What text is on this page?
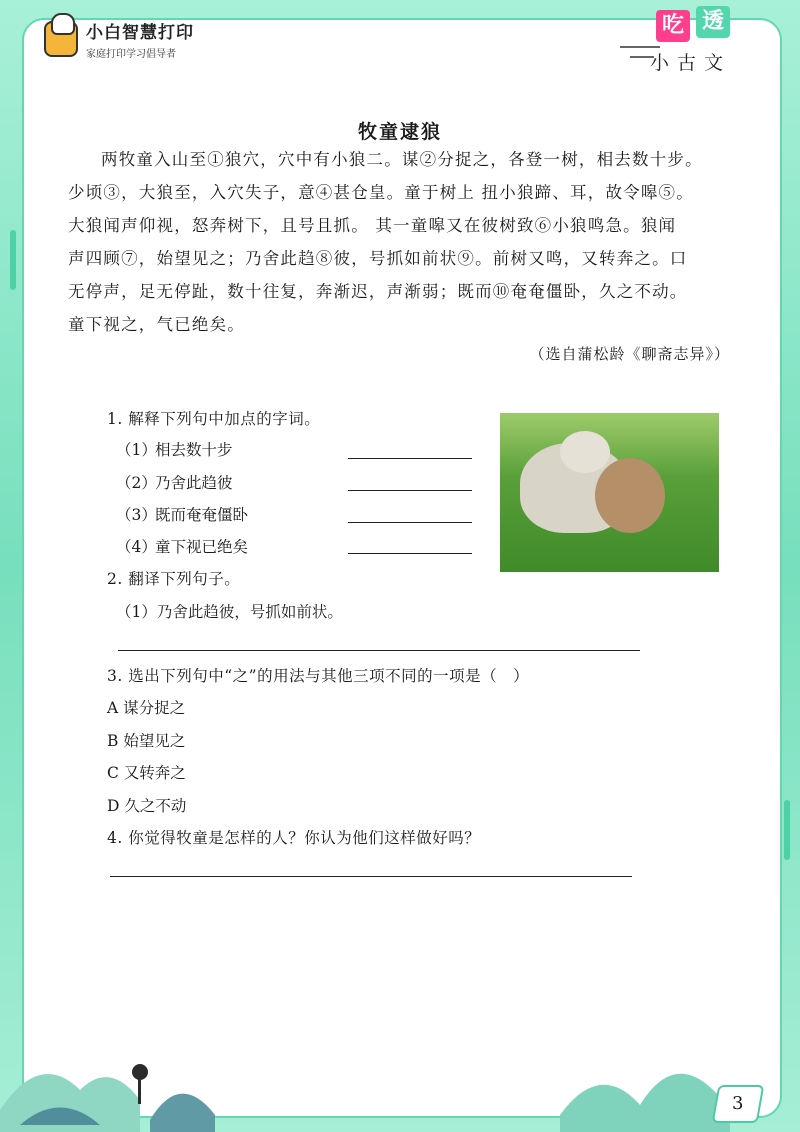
小白智慧打印
家庭打印学习倡导者
吃 透
小古文
牧童逮狼

两牧童入山至①狼穴，穴中有小狼二。谋②分捉之，各登一树，相去数十步。

少顷③，大狼至，入穴失子，意④甚仓皇。童于树上 扭小狼蹄、耳，故令嗥⑤。

大狼闻声仰视，怒奔树下，且号且抓。 其一童嗥又在彼树致⑥小狼鸣急。狼闻

声四顾⑦，始望见之；乃舍此趋⑧彼，号抓如前状⑨。前树又鸣，又转奔之。口

无停声，足无停趾，数十往复，奔渐迟，声渐弱；既而⑩奄奄僵卧，久之不动。

童下视之，气已绝矣。

（选自蒲松龄《聊斋志异》）
1. 解释下列句中加点的字词。
（1）
相去数十步
（2）
乃舍此趋彼
（3）
既而奄奄僵卧
（4）
童下视已绝矣
2. 翻译下列句子。
（1）乃舍此趋彼，号抓如前状。
3. 选出下列句中“之”的用法与其他三项不同的一项是（　）
A 谋分捉之
B 始望见之
C 又转奔之
D 久之不动
4. 你觉得牧童是怎样的人？你认为他们这样做好吗？
3
